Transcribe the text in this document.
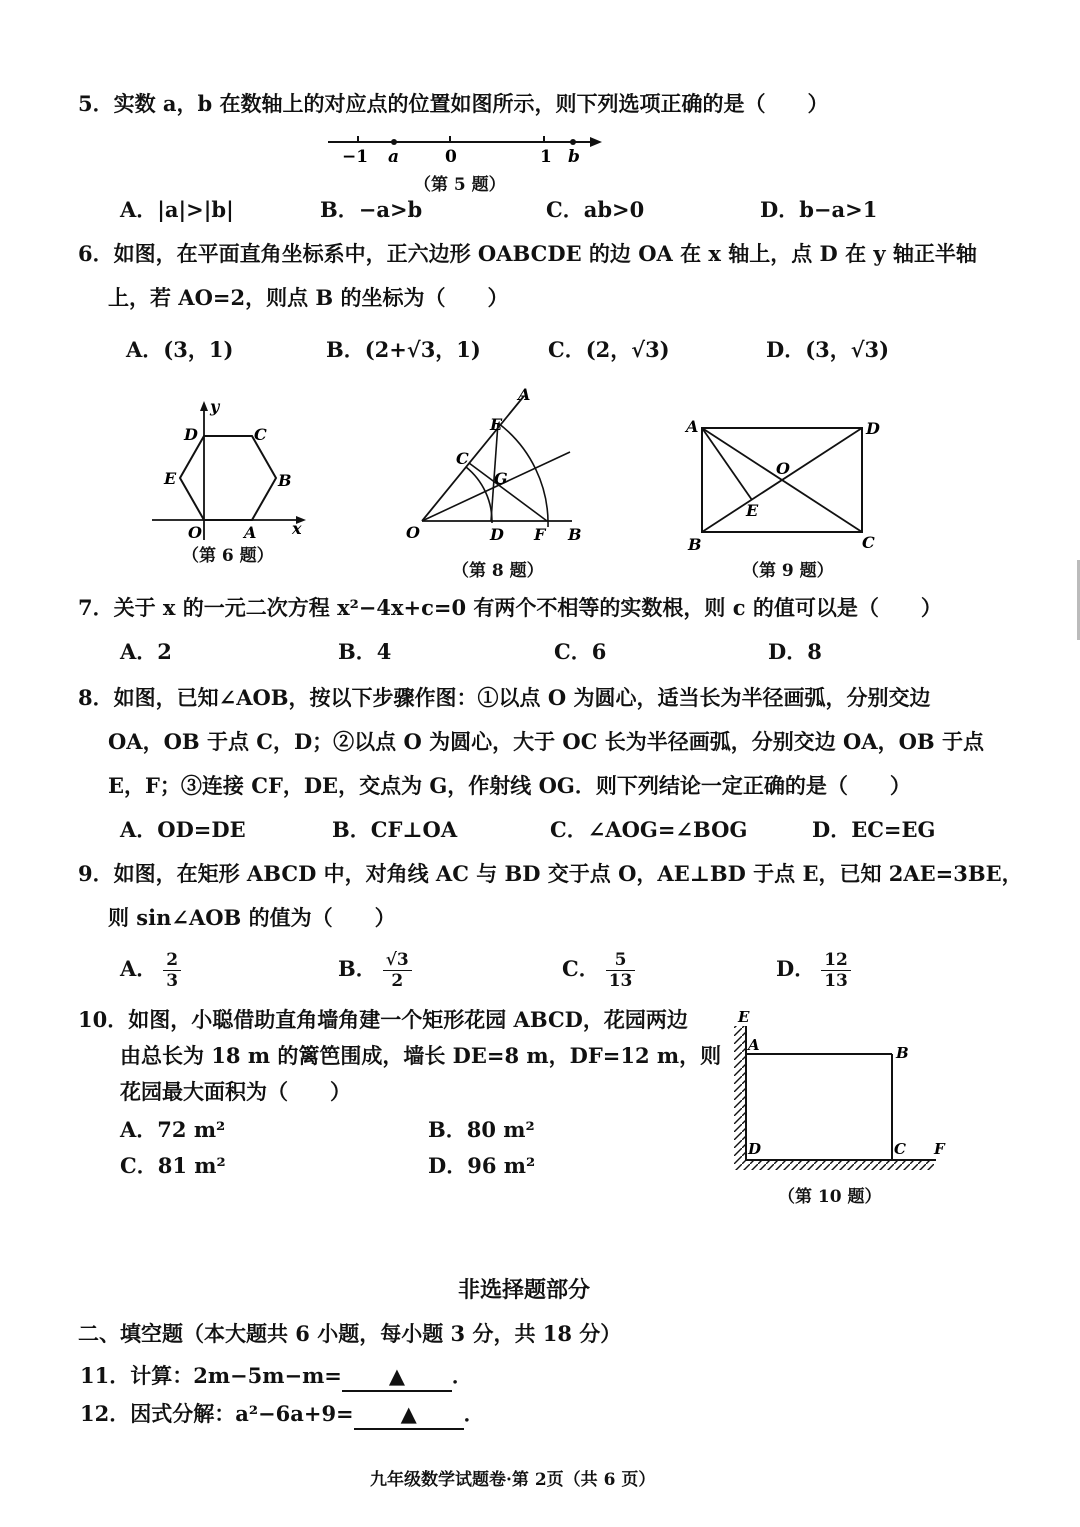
5．实数 a，b 在数轴上的对应点的位置如图所示，则下列选项正确的是（　　）
−1 a	0	1 b
（第 5 题）
A．|a|>|b|	B．−a>b	C．ab>0	D．b−a>1
6．如图，在平面直角坐标系中，正六边形 OABCDE 的边 OA 在 x 轴上，点 D 在 y 轴正半轴
上，若 AO=2，则点 B 的坐标为（　　）
A．(3，1)	B．(2+√3，1)	C．(2，√3)	D．(3，√3)
y
D	C
E	B
O	A x
（第 6 题）
A
E
C
G
O	D F B
（第 8 题）
A	D
O
E
B	C
（第 9 题）
7．关于 x 的一元二次方程 x²−4x+c=0 有两个不相等的实数根，则 c 的值可以是（　　）
A．2	B．4	C．6	D．8
8．如图，已知∠AOB，按以下步骤作图：①以点 O 为圆心，适当长为半径画弧，分别交边
OA，OB 于点 C，D；②以点 O 为圆心，大于 OC 长为半径画弧，分别交边 OA，OB 于点
E，F；③连接 CF，DE，交点为 G，作射线 OG．则下列结论一定正确的是（　　）
A．OD=DE	B．CF⊥OA	C．∠AOG=∠BOG	D．EC=EG
9．如图，在矩形 ABCD 中，对角线 AC 与 BD 交于点 O，AE⊥BD 于点 E，已知 2AE=3BE，
则 sin∠AOB 的值为（　　）
A． $\frac{2}{3}$	B． $\frac{√3}{2}$	C． $\frac{5}{13}$	D． $\frac{12}{13}$
10．如图，小聪借助直角墙角建一个矩形花园 ABCD，花园两边
由总长为 18 m 的篱笆围成，墙长 DE=8 m，DF=12 m，则
花园最大面积为（　　）
A．72 m²	B．80 m²
C．81 m²	D．96 m²
E
A	B
D	C F
（第 10 题）
非选择题部分
二、填空题（本大题共 6 小题，每小题 3 分，共 18 分）
11．计算：2m−5m−m= ▲ ．
12．因式分解：a²−6a+9= ▲ ．
九年级数学试题卷·第 2页（共 6 页）
